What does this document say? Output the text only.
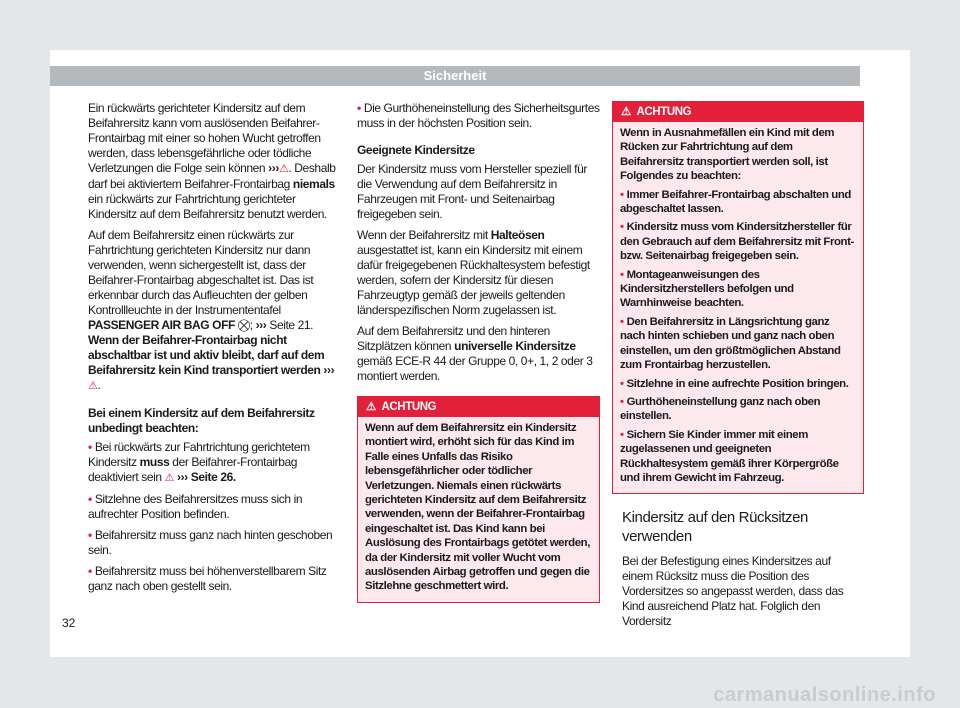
Sicherheit

Ein rückwärts gerichteter Kindersitz auf dem Beifahrersitz kann vom auslösenden Beifahrer-Frontairbag mit einer so hohen Wucht getroffen werden, dass lebensgefährliche oder tödliche Verletzungen die Folge sein können ›››⚠. Deshalb darf bei aktiviertem Beifahrer-Frontairbag niemals ein rückwärts zur Fahrtrichtung gerichteter Kindersitz auf dem Beifahrersitz benutzt werden.

Auf dem Beifahrersitz einen rückwärts zur Fahrtrichtung gerichteten Kindersitz nur dann verwenden, wenn sichergestellt ist, dass der Beifahrer-Frontairbag abgeschaltet ist. Das ist erkennbar durch das Aufleuchten der gelben Kontrollleuchte in der Instrumententafel PASSENGER AIR BAG OFF ⛒; ››› Seite 21. Wenn der Beifahrer-Frontairbag nicht abschaltbar ist und aktiv bleibt, darf auf dem Beifahrersitz kein Kind transportiert werden ››› ⚠.

Bei einem Kindersitz auf dem Beifahrersitz unbedingt beachten:

• Bei rückwärts zur Fahrtrichtung gerichtetem Kindersitz muss der Beifahrer-Frontairbag deaktiviert sein ⚠ ››› Seite 26.

• Sitzlehne des Beifahrersitzes muss sich in aufrechter Position befinden.

• Beifahrersitz muss ganz nach hinten geschoben sein.

• Beifahrersitz muss bei höhenverstellbarem Sitz ganz nach oben gestellt sein.

• Die Gurthöheneinstellung des Sicherheitsgurtes muss in der höchsten Position sein.

Geeignete Kindersitze

Der Kindersitz muss vom Hersteller speziell für die Verwendung auf dem Beifahrersitz in Fahrzeugen mit Front- und Seitenairbag freigegeben sein.

Wenn der Beifahrersitz mit Halteösen ausgestattet ist, kann ein Kindersitz mit einem dafür freigegebenen Rückhaltesystem befestigt werden, sofern der Kindersitz für diesen Fahrzeugtyp gemäß der jeweils geltenden länderspezifischen Norm zugelassen ist.

Auf dem Beifahrersitz und den hinteren Sitzplätzen können universelle Kindersitze gemäß ECE-R 44 der Gruppe 0, 0+, 1, 2 oder 3 montiert werden.

⚠  ACHTUNG

Wenn auf dem Beifahrersitz ein Kindersitz montiert wird, erhöht sich für das Kind im Falle eines Unfalls das Risiko lebensgefährlicher oder tödlicher Verletzungen. Niemals einen rückwärts gerichteten Kindersitz auf dem Beifahrersitz verwenden, wenn der Beifahrer-Frontairbag eingeschaltet ist. Das Kind kann bei Auslösung des Frontairbags getötet werden, da der Kindersitz mit voller Wucht vom auslösenden Airbag getroffen und gegen die Sitzlehne geschmettert wird.

⚠  ACHTUNG

Wenn in Ausnahmefällen ein Kind mit dem Rücken zur Fahrtrichtung auf dem Beifahrersitz transportiert werden soll, ist Folgendes zu beachten:

• Immer Beifahrer-Frontairbag abschalten und abgeschaltet lassen.

• Kindersitz muss vom Kindersitzhersteller für den Gebrauch auf dem Beifahrersitz mit Front- bzw. Seitenairbag freigegeben sein.

• Montageanweisungen des Kindersitzherstellers befolgen und Warnhinweise beachten.

• Den Beifahrersitz in Längsrichtung ganz nach hinten schieben und ganz nach oben einstellen, um den größtmöglichen Abstand zum Frontairbag herzustellen.

• Sitzlehne in eine aufrechte Position bringen.

• Gurthöheneinstellung ganz nach oben einstellen.

• Sichern Sie Kinder immer mit einem zugelassenen und geeigneten Rückhaltesystem gemäß ihrer Körpergröße und ihrem Gewicht im Fahrzeug.

Kindersitz auf den Rücksitzen verwenden

Bei der Befestigung eines Kindersitzes auf einem Rücksitz muss die Position des Vordersitzes so angepasst werden, dass das Kind ausreichend Platz hat. Folglich den Vordersitz

32
carmanualsonline.info
